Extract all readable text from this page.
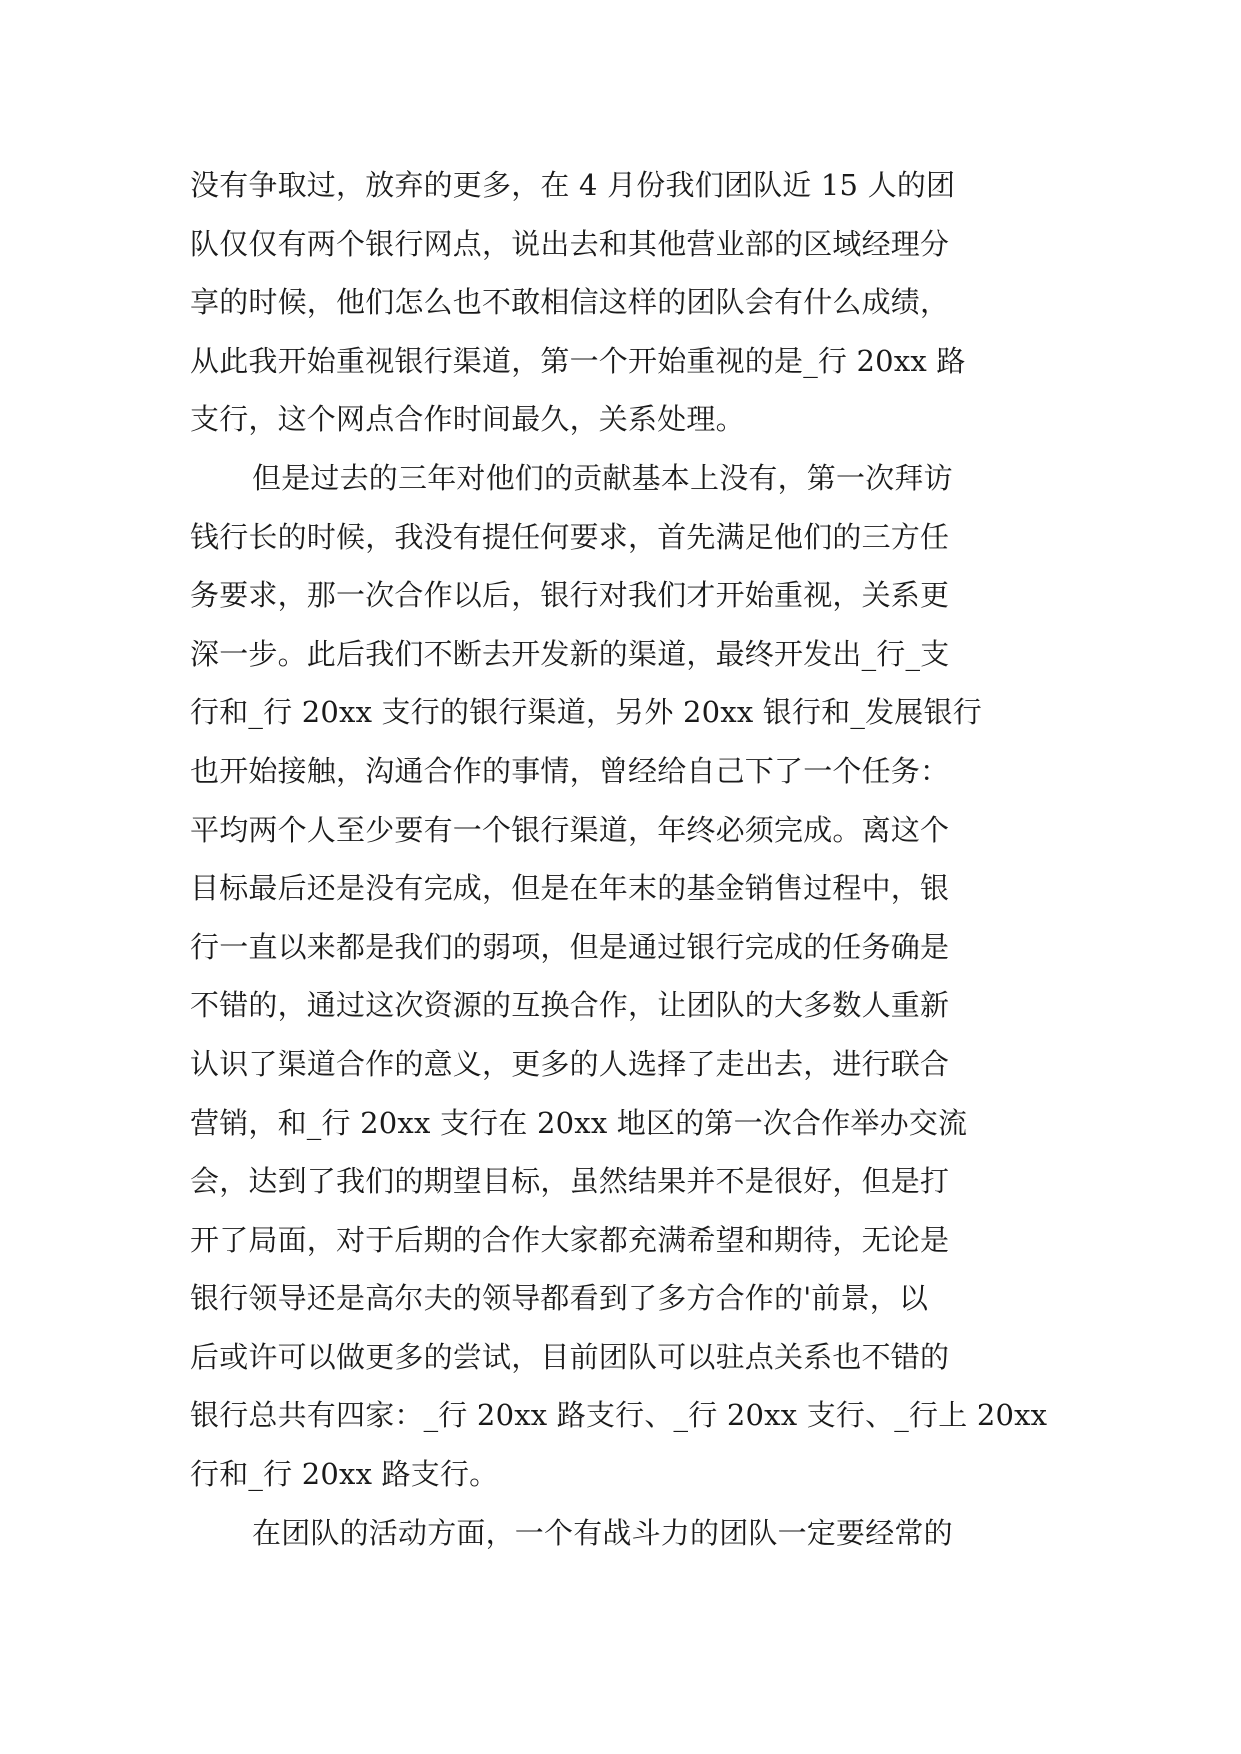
没有争取过，放弃的更多，在 4 月份我们团队近 15 人的团
队仅仅有两个银行网点，说出去和其他营业部的区域经理分
享的时候，他们怎么也不敢相信这样的团队会有什么成绩，
从此我开始重视银行渠道，第一个开始重视的是_行 20xx 路
支行，这个网点合作时间最久，关系处理。
但是过去的三年对他们的贡献基本上没有，第一次拜访
钱行长的时候，我没有提任何要求，首先满足他们的三方任
务要求，那一次合作以后，银行对我们才开始重视，关系更
深一步。此后我们不断去开发新的渠道，最终开发出_行_支
行和_行 20xx 支行的银行渠道，另外 20xx 银行和_发展银行
也开始接触，沟通合作的事情，曾经给自己下了一个任务：
平均两个人至少要有一个银行渠道，年终必须完成。离这个
目标最后还是没有完成，但是在年末的基金销售过程中，银
行一直以来都是我们的弱项，但是通过银行完成的任务确是
不错的，通过这次资源的互换合作，让团队的大多数人重新
认识了渠道合作的意义，更多的人选择了走出去，进行联合
营销，和_行 20xx 支行在 20xx 地区的第一次合作举办交流
会，达到了我们的期望目标，虽然结果并不是很好，但是打
开了局面，对于后期的合作大家都充满希望和期待，无论是
银行领导还是高尔夫的领导都看到了多方合作的'前景，以
后或许可以做更多的尝试，目前团队可以驻点关系也不错的
银行总共有四家：_行 20xx 路支行、_行 20xx 支行、_行上 20xx
行和_行 20xx 路支行。
在团队的活动方面，一个有战斗力的团队一定要经常的
